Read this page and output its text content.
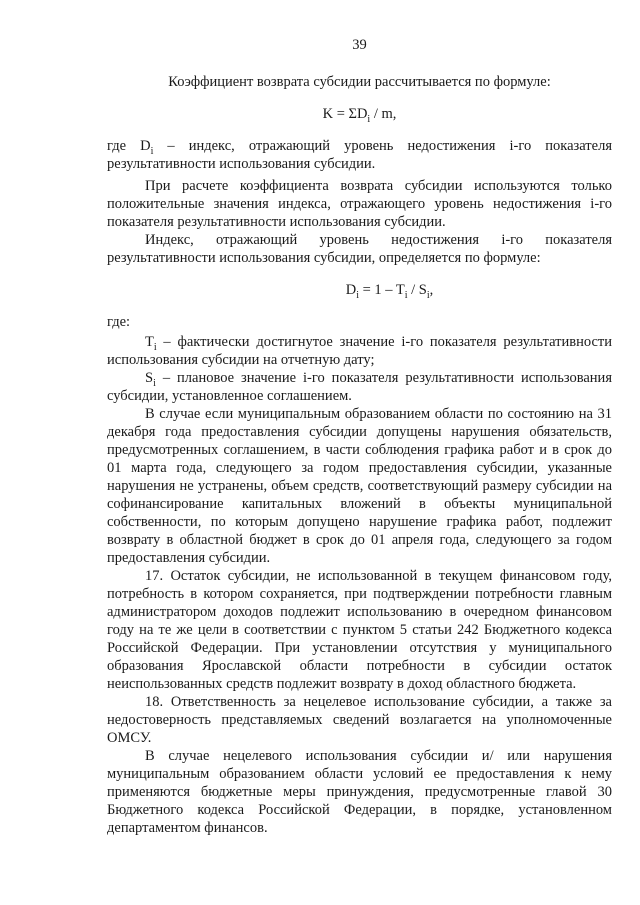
39

Коэффициент возврата субсидии рассчитывается по формуле:

$K = \Sigma D_i / m$,

где $D_i$ – индекс, отражающий уровень недостижения i-го показателя результативности использования субсидии.

При расчете коэффициента возврата субсидии используются только положительные значения индекса, отражающего уровень недостижения i-го показателя результативности использования субсидии.

Индекс, отражающий уровень недостижения i-го показателя результативности использования субсидии, определяется по формуле:

$D_i = 1 - T_i / S_i$,

где:

$T_i$ – фактически достигнутое значение i-го показателя результативности использования субсидии на отчетную дату;

$S_i$ – плановое значение i-го показателя результативности использования субсидии, установленное соглашением.

В случае если муниципальным образованием области по состоянию на 31 декабря года предоставления субсидии допущены нарушения обязательств, предусмотренных соглашением, в части соблюдения графика работ и в срок до 01 марта года, следующего за годом предоставления субсидии, указанные нарушения не устранены, объем средств, соответствующий размеру субсидии на софинансирование капитальных вложений в объекты муниципальной собственности, по которым допущено нарушение графика работ, подлежит возврату в областной бюджет в срок до 01 апреля года, следующего за годом предоставления субсидии.

17. Остаток субсидии, не использованной в текущем финансовом году, потребность в котором сохраняется, при подтверждении потребности главным администратором доходов подлежит использованию в очередном финансовом году на те же цели в соответствии с пунктом 5 статьи 242 Бюджетного кодекса Российской Федерации. При установлении отсутствия у муниципального образования Ярославской области потребности в субсидии остаток неиспользованных средств подлежит возврату в доход областного бюджета.

18. Ответственность за нецелевое использование субсидии, а также за недостоверность представляемых сведений возлагается на уполномоченные ОМСУ.

В случае нецелевого использования субсидии и/ или нарушения муниципальным образованием области условий ее предоставления к нему применяются бюджетные меры принуждения, предусмотренные главой 30 Бюджетного кодекса Российской Федерации, в порядке, установленном департаментом финансов.
